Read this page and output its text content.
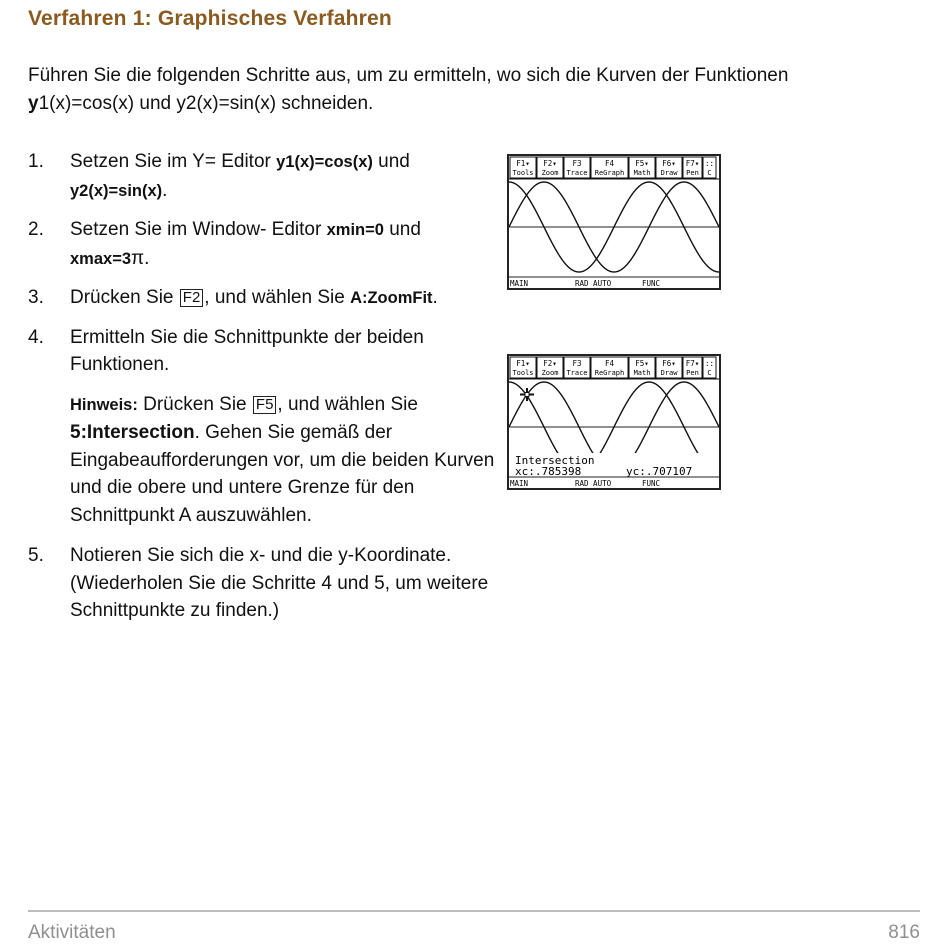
Verfahren 1: Graphisches Verfahren
Führen Sie die folgenden Schritte aus, um zu ermitteln, wo sich die Kurven der Funktionen y1(x)=cos(x) und y2(x)=sin(x) schneiden.
1. Setzen Sie im Y= Editor y1(x)=cos(x) und y2(x)=sin(x).
2. Setzen Sie im Window- Editor xmin=0 und xmax=3π.
3. Drücken Sie F2 , und wählen Sie A:ZoomFit.
4. Ermitteln Sie die Schnittpunkte der beiden Funktionen.
Hinweis: Drücken Sie F5 , und wählen Sie 5:Intersection. Gehen Sie gemäß der Eingabeaufforderungen vor, um die beiden Kurven und die obere und untere Grenze für den Schnittpunkt A auszuwählen.
5. Notieren Sie sich die x- und die y-Koordinate. (Wiederholen Sie die Schritte 4 und 5, um weitere Schnittpunkte zu finden.)
F1▾
Tools
F2▾
Zoom
F3
Trace
F4
ReGraph
F5▾
Math
F6▾
Draw
F7▾
Pen
::
C
MAIN	RAD AUTO	FUNC
F1▾
Tools
F2▾
Zoom
F3
Trace
F4
ReGraph
F5▾
Math
F6▾
Draw
F7▾
Pen
::
C
Intersection
xc:.785398	yc:.707107
MAIN	RAD AUTO	FUNC
Aktivitäten	816
